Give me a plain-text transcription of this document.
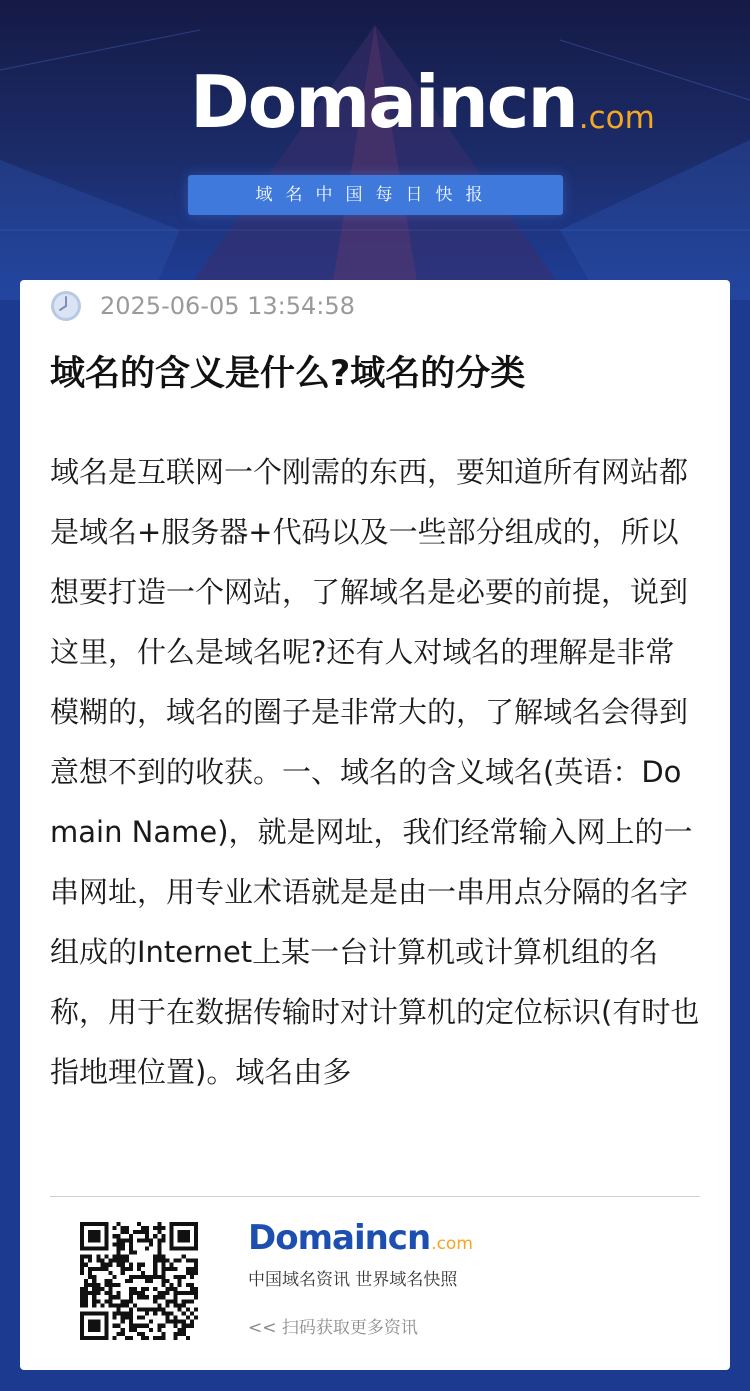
Domaincn .com
域名中国每日快报
2025-06-05 13:54:58
域名的含义是什么?域名的分类

域名是互联网一个刚需的东西，要知道所有网站都是域名+服务器+代码以及一些部分组成的，所以想要打造一个网站，了解域名是必要的前提，说到这里，什么是域名呢?还有人对域名的理解是非常模糊的，域名的圈子是非常大的，了解域名会得到意想不到的收获。一、域名的含义域名(英语：Domain Name)，就是网址，我们经常输入网上的一串网址，用专业术语就是是由一串用点分隔的名字组成的Internet上某一台计算机或计算机组的名称，用于在数据传输时对计算机的定位标识(有时也指地理位置)。域名由多

Domaincn .com
中国域名资讯 世界域名快照
<< 扫码获取更多资讯
